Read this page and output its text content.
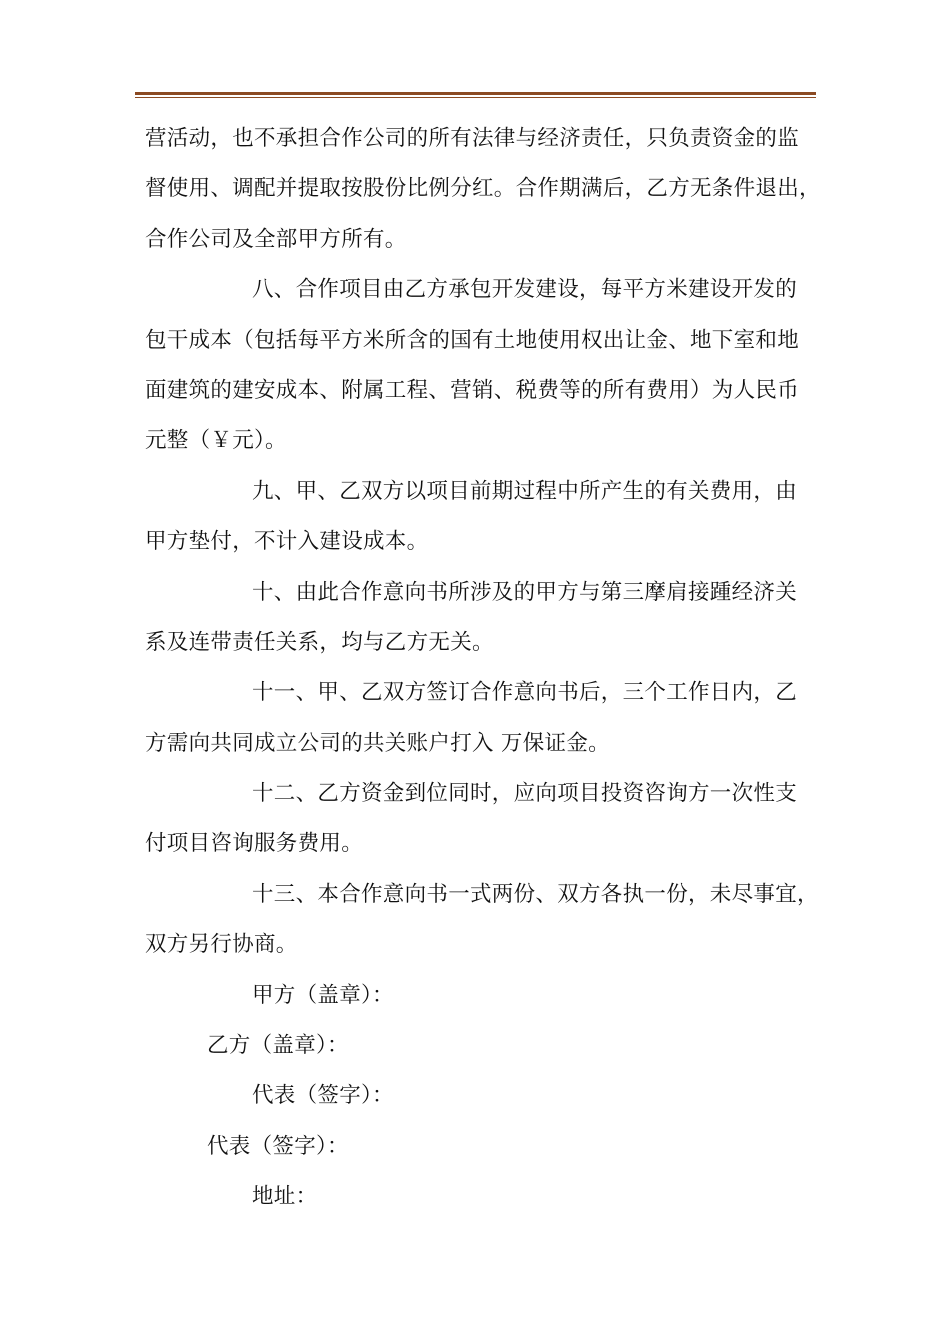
营活动，也不承担合作公司的所有法律与经济责任，只负责资金的监
督使用、调配并提取按股份比例分红。合作期满后，乙方无条件退出，
合作公司及全部甲方所有。
八、合作项目由乙方承包开发建设，每平方米建设开发的
包干成本（包括每平方米所含的国有土地使用权出让金、地下室和地
面建筑的建安成本、附属工程、营销、税费等的所有费用）为人民币
元整（￥元）。
九、甲、乙双方以项目前期过程中所产生的有关费用，由
甲方垫付，不计入建设成本。
十、由此合作意向书所涉及的甲方与第三摩肩接踵经济关
系及连带责任关系，均与乙方无关。
十一、甲、乙双方签订合作意向书后，三个工作日内，乙
方需向共同成立公司的共关账户打入 万保证金。
十二、乙方资金到位同时，应向项目投资咨询方一次性支
付项目咨询服务费用。
十三、本合作意向书一式两份、双方各执一份，未尽事宜，
双方另行协商。
甲方（盖章）：
乙方（盖章）：
代表（签字）：
代表（签字）：
地址：
